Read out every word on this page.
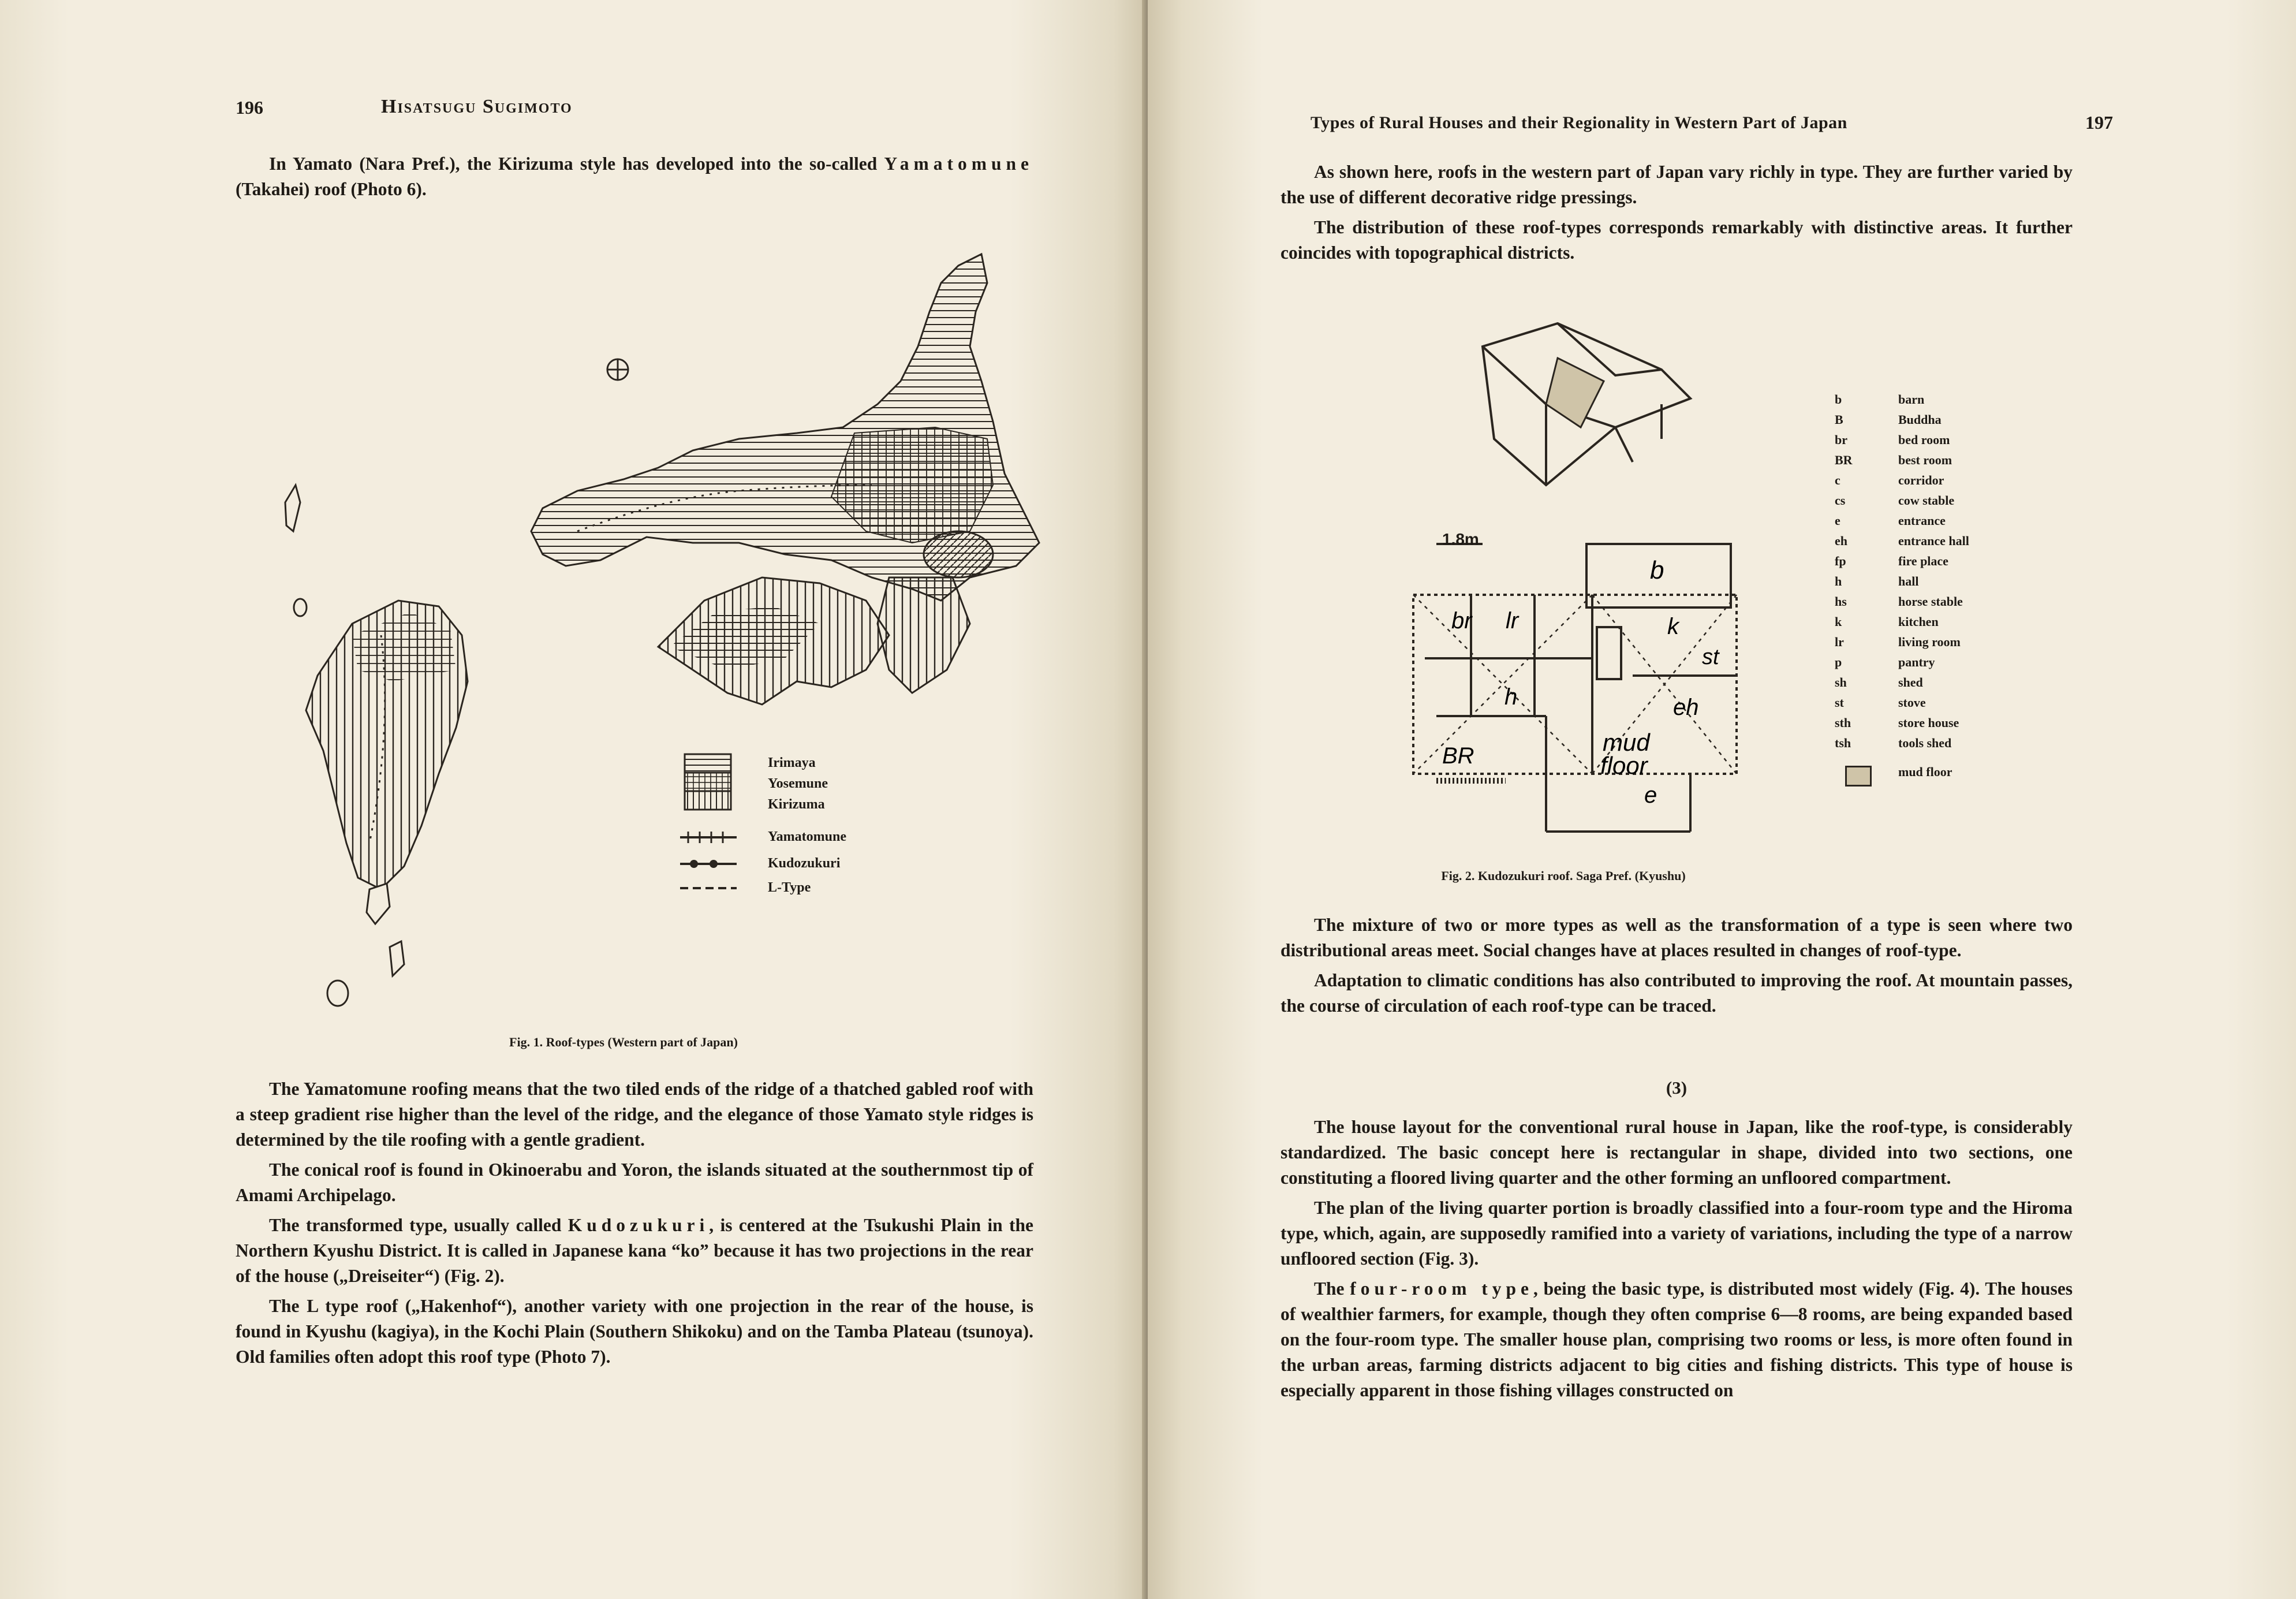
196	Hisatsugu Sugimoto

In Yamato (Nara Pref.), the Kirizuma style has developed into the so-called Yamatomune (Takahei) roof (Photo 6).

Irimaya
Yosemune
Kirizuma
Yamatomune
Kudozukuri
L-Type
Fig. 1. Roof-types (Western part of Japan)

The Yamatomune roofing means that the two tiled ends of the ridge of a thatched gabled roof with a steep gradient rise higher than the level of the ridge, and the elegance of those Yamato style ridges is determined by the tile roofing with a gentle gradient.

The conical roof is found in Okinoerabu and Yoron, the islands situated at the southernmost tip of Amami Archipelago.

The transformed type, usually called Kudozukuri, is centered at the Tsukushi Plain in the Northern Kyushu District. It is called in Japanese kana “ko” because it has two projections in the rear of the house („Dreiseiter“) (Fig. 2).

The L type roof („Hakenhof“), another variety with one projection in the rear of the house, is found in Kyushu (kagiya), in the Kochi Plain (Southern Shikoku) and on the Tamba Plateau (tsunoya). Old families often adopt this roof type (Photo 7).

Types of Rural Houses and their Regionality in Western Part of Japan	197

As shown here, roofs in the western part of Japan vary richly in type. They are further varied by the use of different decorative ridge pressings.

The distribution of these roof-types corresponds remarkably with distinctive areas. It further coincides with topographical districts.

br lr
b
k
st
h	eh
BR	mud
floor
e
1.8m
b	barn
B	Buddha
br	bed room
BR	best room
c	corridor
cs	cow stable
e	entrance
eh	entrance hall
fp	fire place
h	hall
hs	horse stable
k	kitchen
lr	living room
p	pantry
sh	shed
st	stove
sth	store house
tsh	tools shed
mud floor
Fig. 2. Kudozukuri roof. Saga Pref. (Kyushu)

The mixture of two or more types as well as the transformation of a type is seen where two distributional areas meet. Social changes have at places resulted in changes of roof-type.

Adaptation to climatic conditions has also contributed to improving the roof. At mountain passes, the course of circulation of each roof-type can be traced.

(3)

The house layout for the conventional rural house in Japan, like the roof-type, is considerably standardized. The basic concept here is rectangular in shape, divided into two sections, one constituting a floored living quarter and the other forming an unfloored compartment.

The plan of the living quarter portion is broadly classified into a four-room type and the Hiroma type, which, again, are supposedly ramified into a variety of variations, including the type of a narrow unfloored section (Fig. 3).

The four-room type, being the basic type, is distributed most widely (Fig. 4). The houses of wealthier farmers, for example, though they often comprise 6—8 rooms, are being expanded based on the four-room type. The smaller house plan, comprising two rooms or less, is more often found in the urban areas, farming districts adjacent to big cities and fishing districts. This type of house is especially apparent in those fishing villages constructed on
